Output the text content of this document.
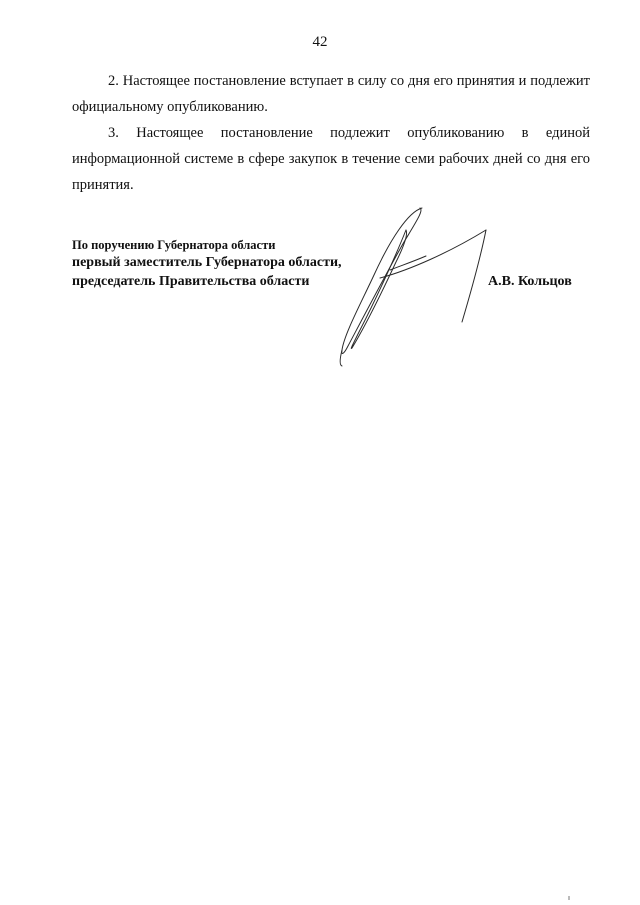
42

2. Настоящее постановление вступает в силу со дня его принятия и подлежит официальному опубликованию.

3. Настоящее постановление подлежит опубликованию в единой информационной системе в сфере закупок в течение семи рабочих дней со дня его принятия.

По поручению Губернатора области
первый заместитель Губернатора области,
председатель Правительства области	А.В. Кольцов
